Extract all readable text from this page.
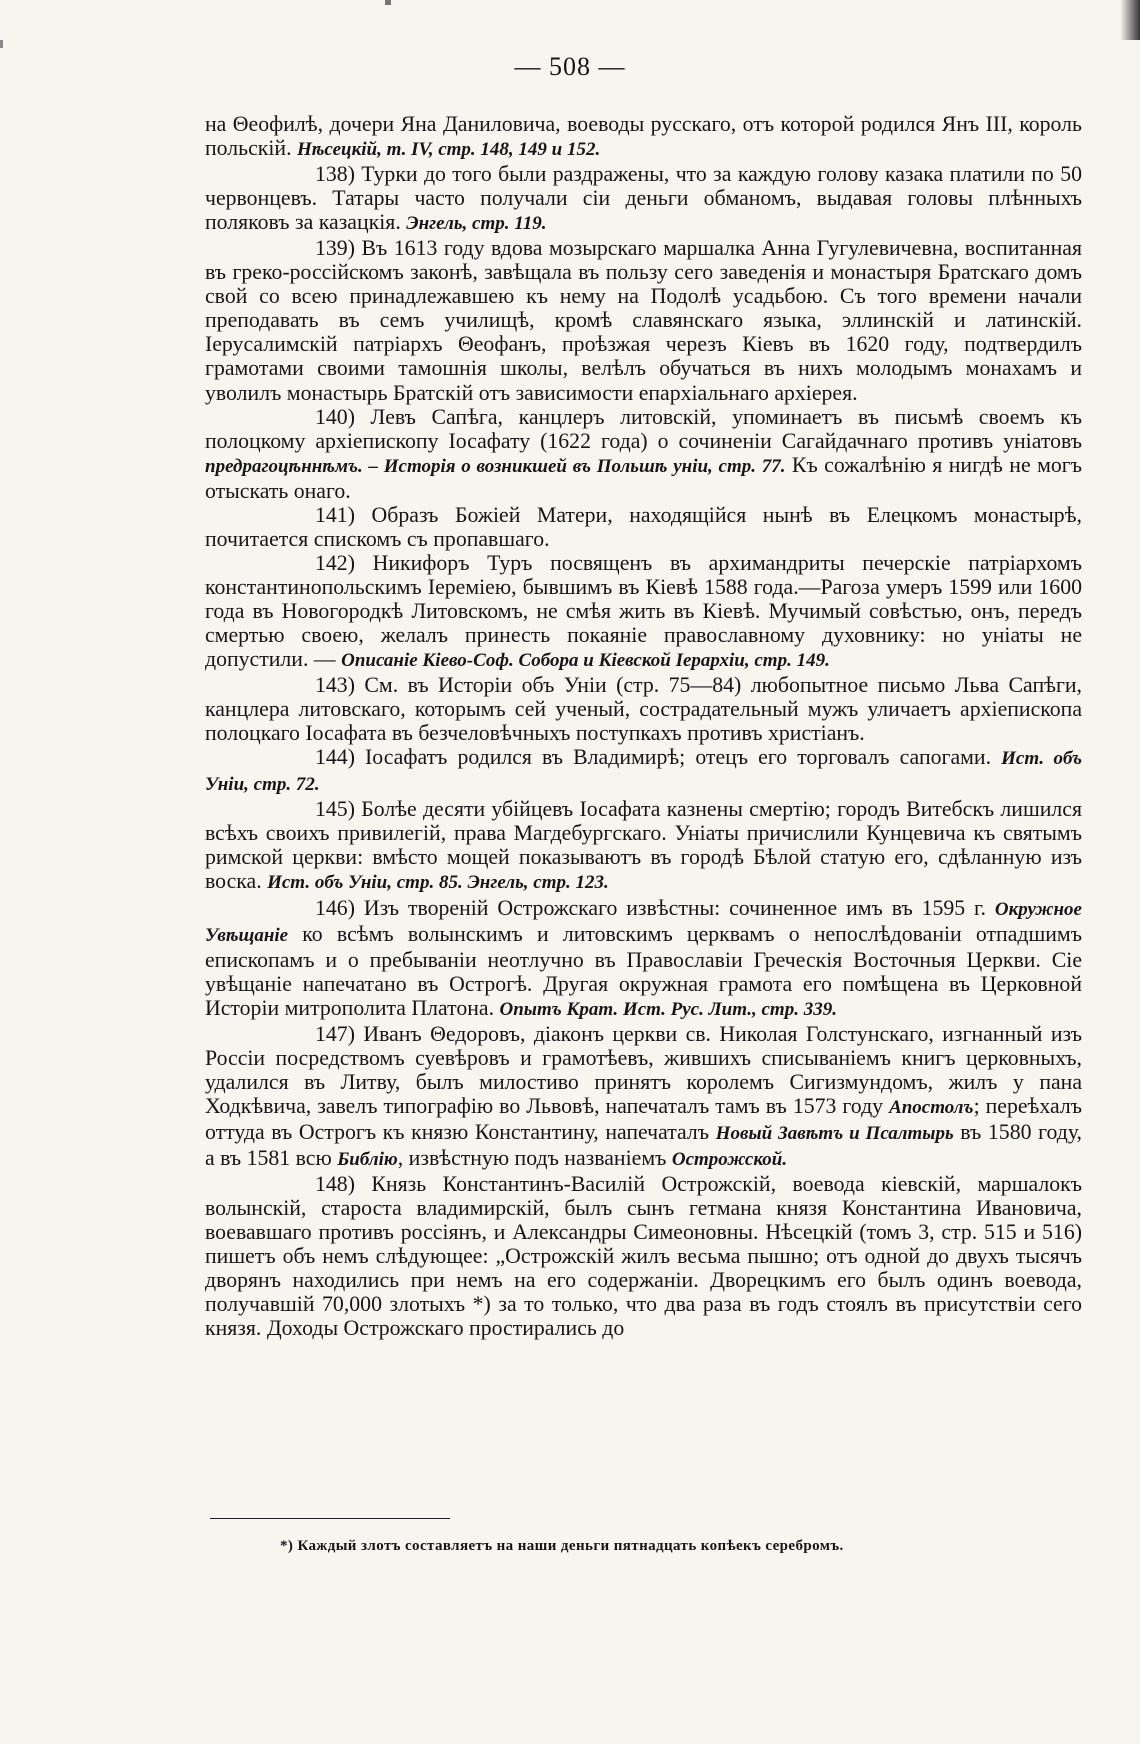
— 508 —

на Θеофилѣ, дочери Яна Даниловича, воеводы русскаго, отъ которой родился Янъ III, король польскій. Нѣсецкій, т. IV, стр. 148, 149 и 152.

138) Турки до того были раздражены, что за каждую голову казака платили по 50 червонцевъ. Татары часто получали сіи деньги обманомъ, выдавая головы плѣнныхъ поляковъ за казацкія. Энгель, стр. 119.

139) Въ 1613 году вдова мозырскаго маршалка Анна Гугулевичевна, воспитанная въ греко-россійскомъ законѣ, завѣщала въ пользу сего заведенія и монастыря Братскаго домъ свой со всею принадлежавшею къ нему на Подолѣ усадьбою. Съ того времени начали преподавать въ семъ училищѣ, кромѣ славянскаго языка, эллинскій и латинскій. Іерусалимскій патріархъ Θеофанъ, проѣзжая черезъ Кіевъ въ 1620 году, подтвердилъ грамотами своими тамошнія школы, велѣлъ обучаться въ нихъ молодымъ монахамъ и уволилъ монастырь Братскій отъ зависимости епархіальнаго архіерея.

140) Левъ Сапѣга, канцлеръ литовскій, упоминаетъ въ письмѣ своемъ къ полоцкому архіепископу Іосафату (1622 года) о сочиненіи Сагайдачнаго противъ уніатовъ предрагоцѣннѣмъ. – Исторія о возникшей въ Польшѣ уніи, стр. 77. Къ сожалѣнію я нигдѣ не могъ отыскать онаго.

141) Образъ Божіей Матери, находящійся нынѣ въ Елецкомъ монастырѣ, почитается спискомъ съ пропавшаго.

142) Никифоръ Туръ посвященъ въ архимандриты печерскіе патріархомъ константинопольскимъ Іереміею, бывшимъ въ Кіевѣ 1588 года.—Рагоза умеръ 1599 или 1600 года въ Новогородкѣ Литовскомъ, не смѣя жить въ Кіевѣ. Мучимый совѣстью, онъ, передъ смертью своею, желалъ принесть покаяніе православному духовнику: но уніаты не допустили. — Описаніе Кіево-Соф. Собора и Кіевской Іерархіи, стр. 149.

143) См. въ Исторіи объ Уніи (стр. 75—84) любопытное письмо Льва Сапѣги, канцлера литовскаго, которымъ сей ученый, сострадательный мужъ уличаетъ архіепископа полоцкаго Іосафата въ безчеловѣчныхъ поступкахъ противъ христіанъ.

144) Іосафатъ родился въ Владимирѣ; отецъ его торговалъ сапогами. Ист. объ Уніи, стр. 72.

145) Болѣе десяти убійцевъ Іосафата казнены смертію; городъ Витебскъ лишился всѣхъ своихъ привилегій, права Магдебургскаго. Уніаты причислили Кунцевича къ святымъ римской церкви: вмѣсто мощей показываютъ въ городѣ Бѣлой статую его, сдѣланную изъ воска. Ист. объ Уніи, стр. 85. Энгель, стр. 123.

146) Изъ твореній Острожскаго извѣстны: сочиненное имъ въ 1595 г. Окружное Увѣщаніе ко всѣмъ волынскимъ и литовскимъ церквамъ о непослѣдованіи отпадшимъ епископамъ и о пребываніи неотлучно въ Православіи Греческія Восточныя Церкви. Сіе увѣщаніе напечатано въ Острогѣ. Другая окружная грамота его помѣщена въ Церковной Исторіи митрополита Платона. Опытъ Крат. Ист. Рус. Лит., стр. 339.

147) Иванъ Θедоровъ, діаконъ церкви св. Николая Голстунскаго, изгнанный изъ Россіи посредствомъ суевѣровъ и грамотѣевъ, жившихъ списываніемъ книгъ церковныхъ, удалился въ Литву, былъ милостиво принятъ королемъ Сигизмундомъ, жилъ у пана Ходкѣвича, завелъ типографію во Львовѣ, напечаталъ тамъ въ 1573 году Апостолъ; переѣхалъ оттуда въ Острогъ къ князю Константину, напечаталъ Новый Завѣтъ и Псалтырь въ 1580 году, а въ 1581 всю Библію, извѣстную подъ названіемъ Острожской.

148) Князь Константинъ-Василій Острожскій, воевода кіевскій, маршалокъ волынскій, староста владимирскій, былъ сынъ гетмана князя Константина Ивановича, воевавшаго противъ россіянъ, и Александры Симеоновны. Нѣсецкій (томъ 3, стр. 515 и 516) пишетъ объ немъ слѣдующее: „Острожскій жилъ весьма пышно; отъ одной до двухъ тысячъ дворянъ находились при немъ на его содержаніи. Дворецкимъ его былъ одинъ воевода, получавшій 70,000 злотыхъ *) за то только, что два раза въ годъ стоялъ въ присутствіи сего князя. Доходы Острожскаго простирались до

*) Каждый злотъ составляетъ на наши деньги пятнадцать копѣекъ серебромъ.
